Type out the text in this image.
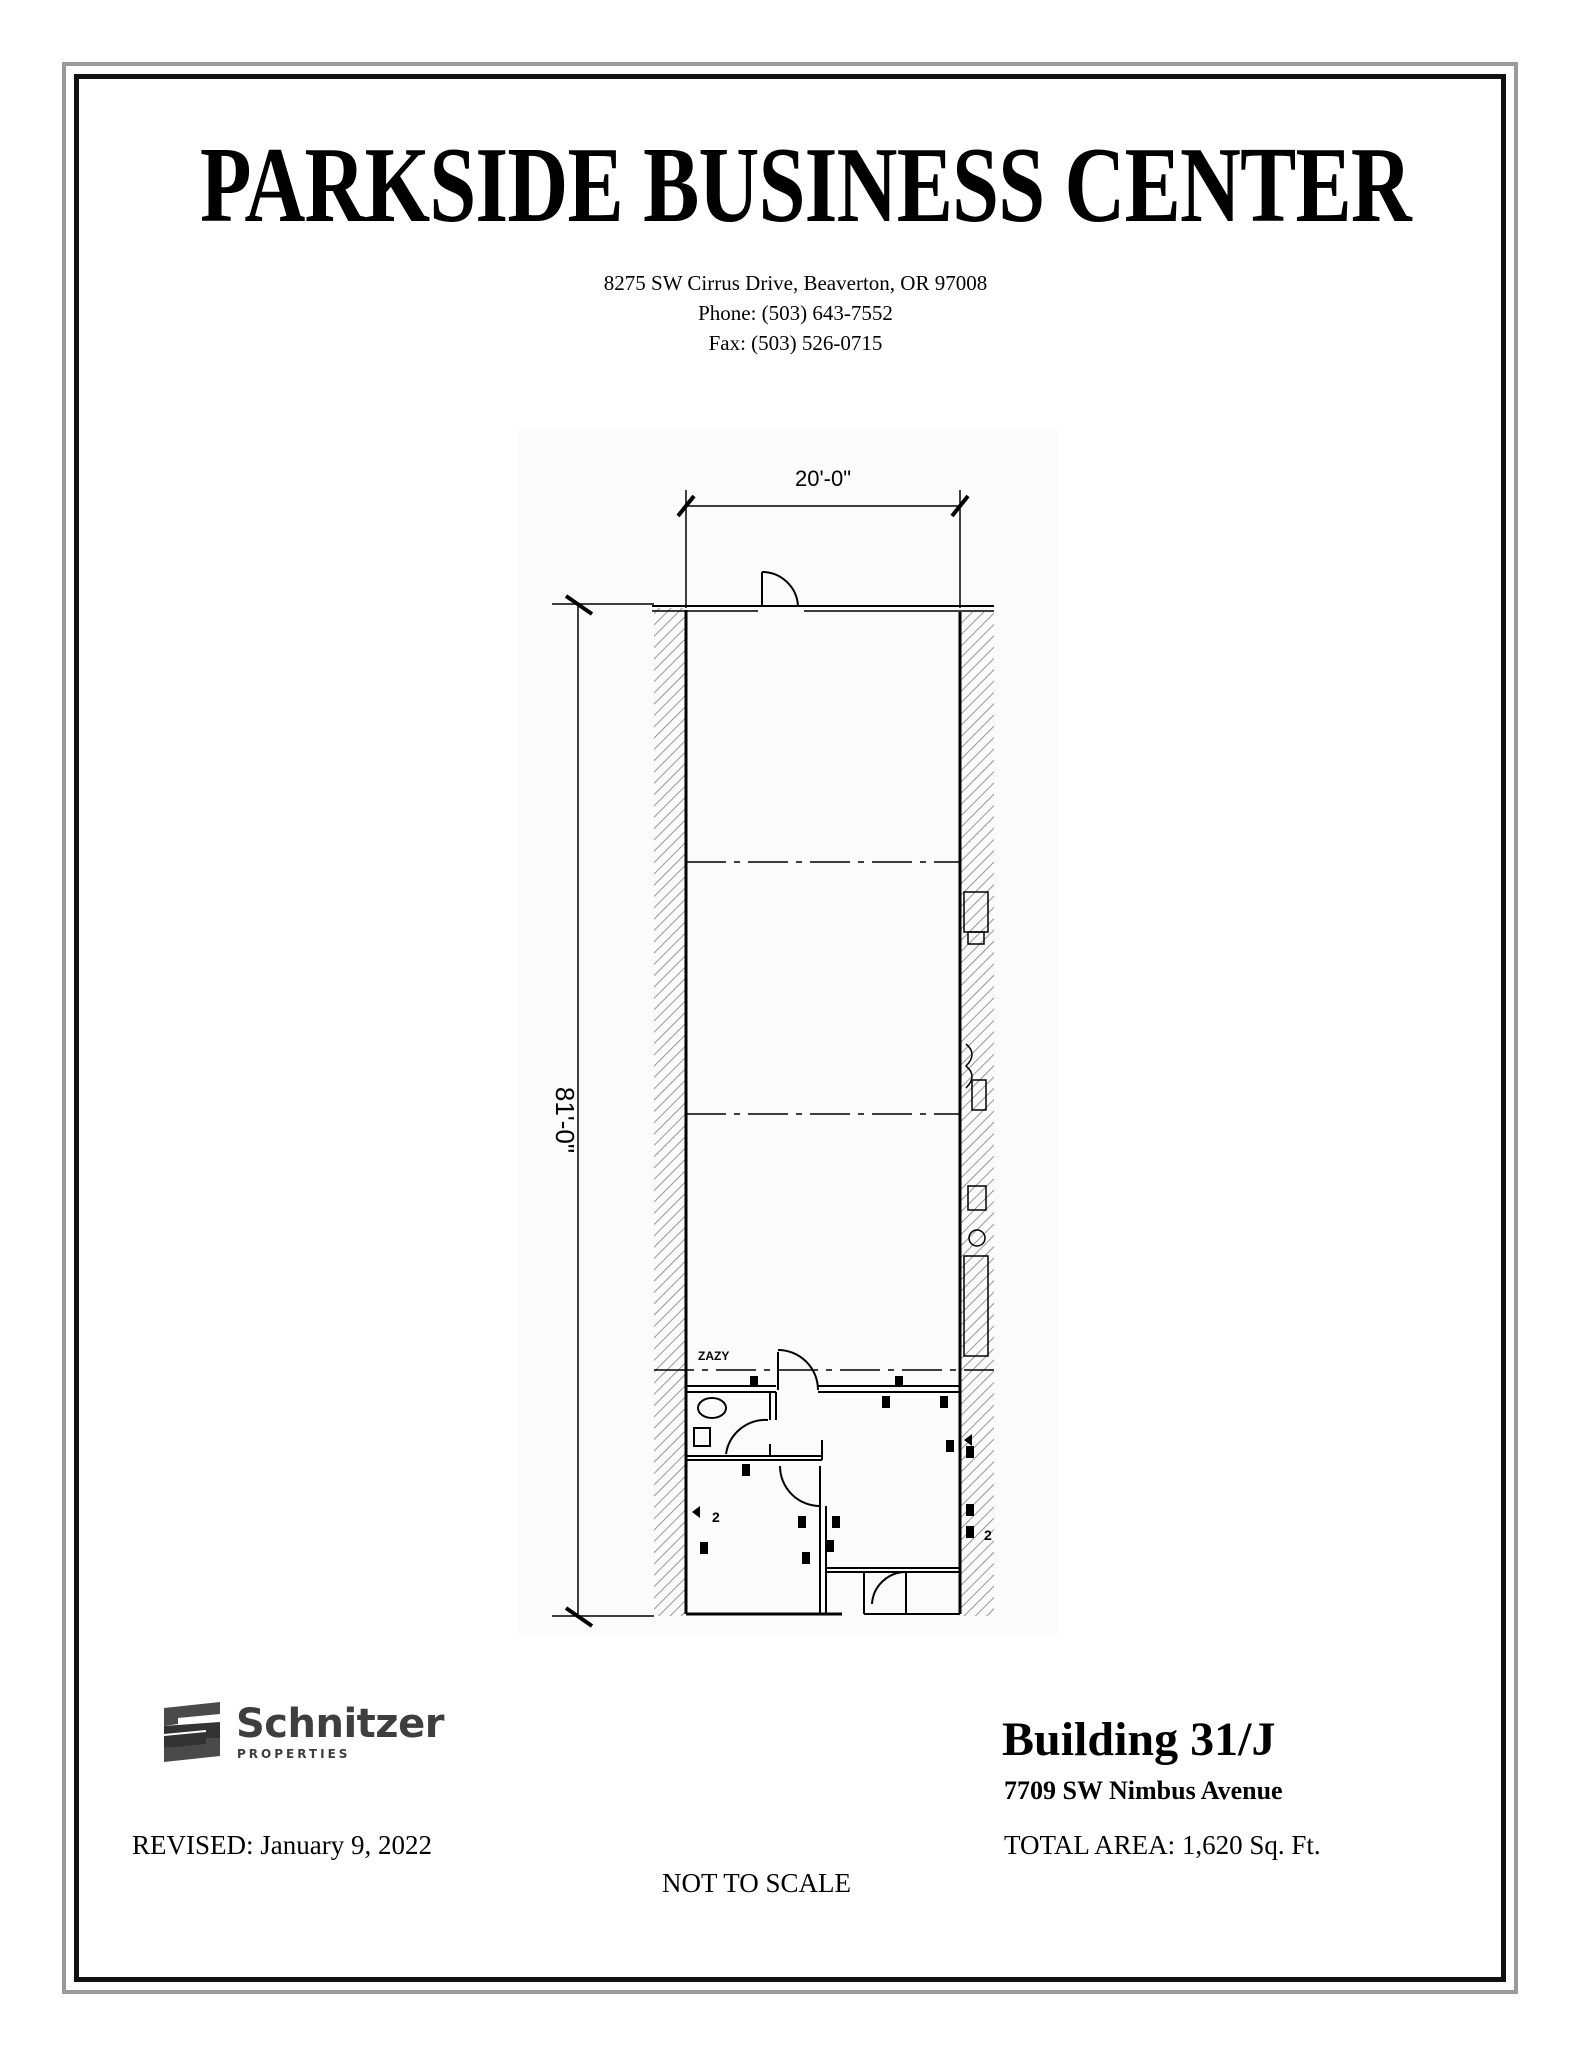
PARKSIDE BUSINESS CENTER
8275 SW Cirrus Drive, Beaverton, OR 97008
Phone: (503) 643-7552
Fax: (503) 526-0715
20'-0"
81'-0"
2
2
ZAZY
Schnitzer
PROPERTIES	Building 31/J
7709 SW Nimbus Avenue
REVISED: January 9, 2022	TOTAL AREA: 1,620 Sq. Ft.
NOT TO SCALE
